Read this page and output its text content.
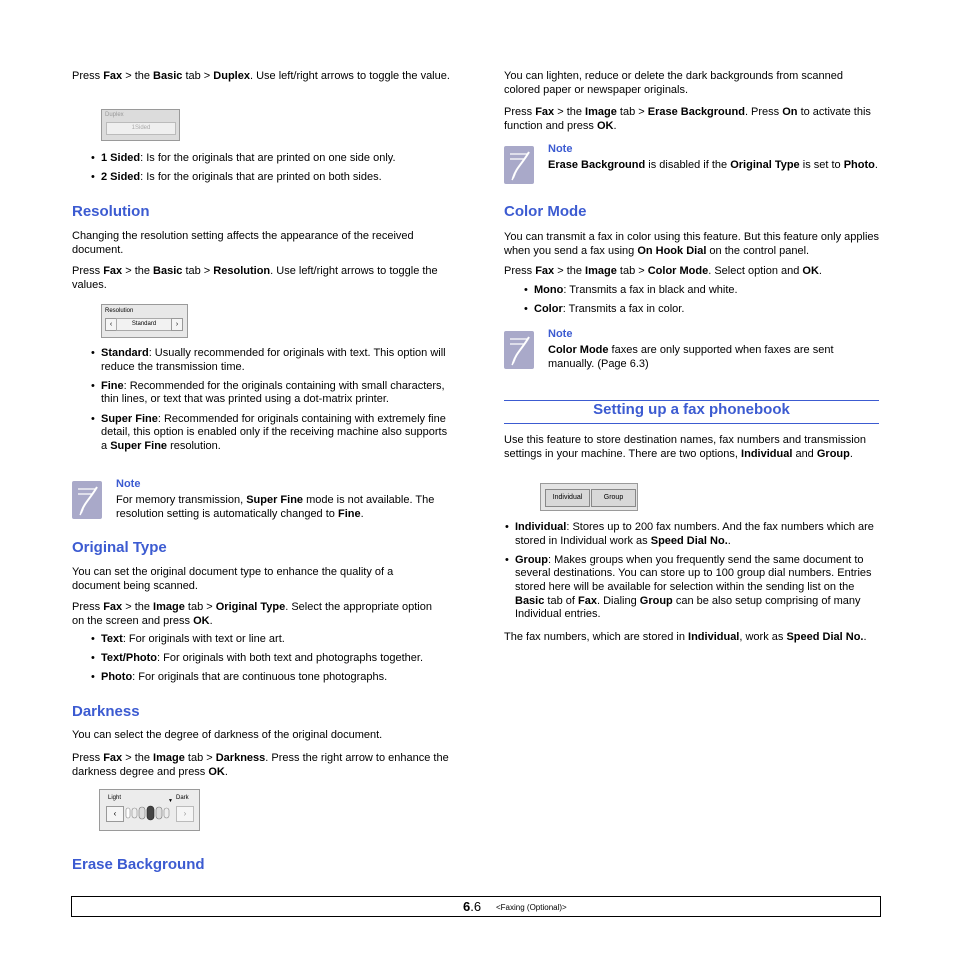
Press Fax > the Basic tab > Duplex. Use left/right arrows to toggle the value.

Duplex
1Sided
• 1 Sided: Is for the originals that are printed on one side only.
• 2 Sided: Is for the originals that are printed on both sides.
Resolution

Changing the resolution setting affects the appearance of the received document.

Press Fax > the Basic tab > Resolution. Use left/right arrows to toggle the values.

Resolution
‹	Standard	›
• Standard: Usually recommended for originals with text. This option will reduce the transmission time.
• Fine: Recommended for the originals containing with small characters, thin lines, or text that was printed using a dot-matrix printer.
• Super Fine: Recommended for originals containing with extremely fine detail, this option is enabled only if the receiving machine also supports a Super Fine resolution.
Note

For memory transmission, Super Fine mode is not available. The resolution setting is automatically changed to Fine.

Original Type

You can set the original document type to enhance the quality of a document being scanned.

Press Fax > the Image tab > Original Type. Select the appropriate option on the screen and press OK.

• Text: For originals with text or line art.
• Text/Photo: For originals with both text and photographs together.
• Photo: For originals that are continuous tone photographs.
Darkness

You can select the degree of darkness of the original document.

Press Fax > the Image tab > Darkness. Press the right arrow to enhance the darkness degree and press OK.

Light	Dark
▼
‹	›
Erase Background

You can lighten, reduce or delete the dark backgrounds from scanned colored paper or newspaper originals.

Press Fax > the Image tab > Erase Background. Press On to activate this function and press OK.

Note

Erase Background is disabled if the Original Type is set to Photo.

Color Mode

You can transmit a fax in color using this feature. But this feature only applies when you send a fax using On Hook Dial on the control panel.

Press Fax > the Image tab > Color Mode. Select option and OK.

• Mono: Transmits a fax in black and white.
• Color: Transmits a fax in color.
Note

Color Mode faxes are only supported when faxes are sent manually. (Page 6.3)

Setting up a fax phonebook

Use this feature to store destination names, fax numbers and transmission settings in your machine. There are two options, Individual and Group.

Individual	Group
• Individual: Stores up to 200 fax numbers. And the fax numbers which are stored in Individual work as Speed Dial No..
• Group: Makes groups when you frequently send the same document to several destinations. You can store up to 100 group dial numbers. Entries stored here will be available for selection within the sending list on the Basic tab of Fax. Dialing Group can be also setup comprising of many Individual entries.

The fax numbers, which are stored in Individual, work as Speed Dial No..

6.6 <Faxing (Optional)>
